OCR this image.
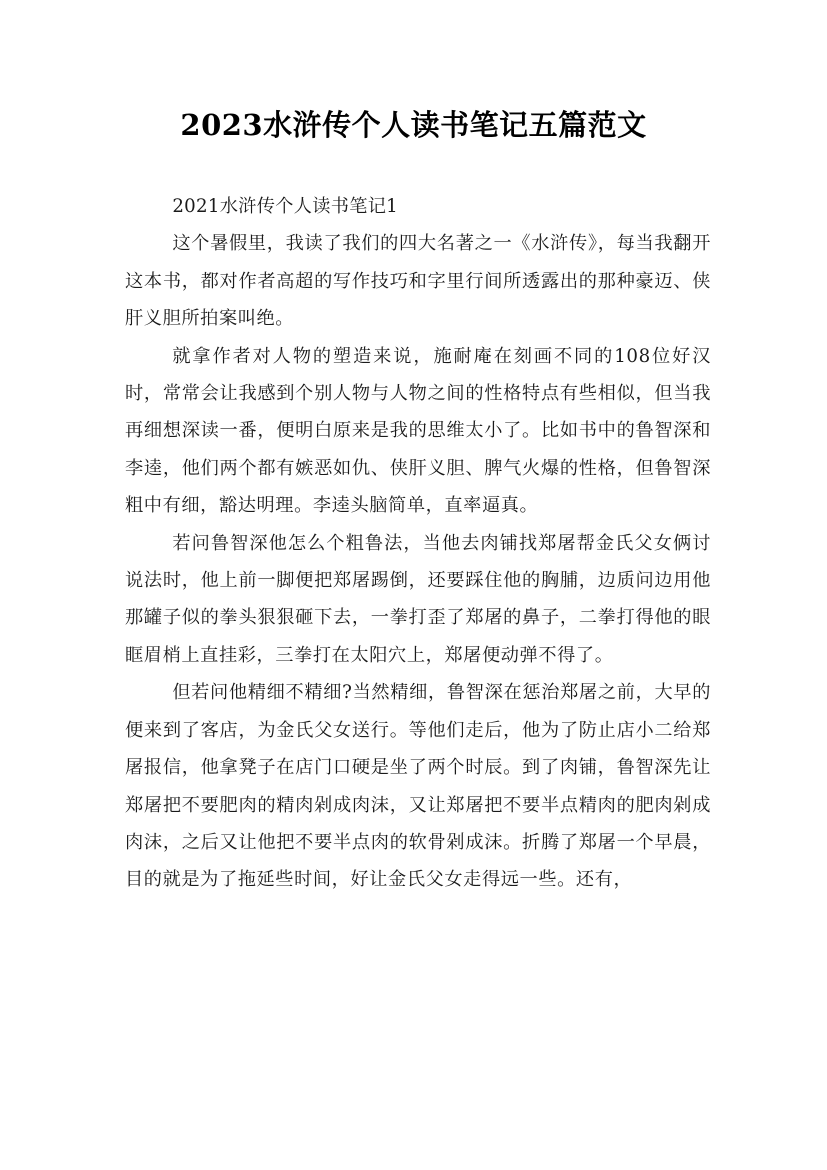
2023水浒传个人读书笔记五篇范文

2021水浒传个人读书笔记1

这个暑假里，我读了我们的四大名著之一《水浒传》，每当我翻开这本书，都对作者高超的写作技巧和字里行间所透露出的那种豪迈、侠肝义胆所拍案叫绝。

就拿作者对人物的塑造来说，施耐庵在刻画不同的108位好汉时，常常会让我感到个别人物与人物之间的性格特点有些相似，但当我再细想深读一番，便明白原来是我的思维太小了。比如书中的鲁智深和李逵，他们两个都有嫉恶如仇、侠肝义胆、脾气火爆的性格，但鲁智深粗中有细，豁达明理。李逵头脑简单，直率逼真。

若问鲁智深他怎么个粗鲁法，当他去肉铺找郑屠帮金氏父女俩讨说法时，他上前一脚便把郑屠踢倒，还要踩住他的胸脯，边质问边用他那罐子似的拳头狠狠砸下去，一拳打歪了郑屠的鼻子，二拳打得他的眼眶眉梢上直挂彩，三拳打在太阳穴上，郑屠便动弹不得了。

但若问他精细不精细?当然精细，鲁智深在惩治郑屠之前，大早的便来到了客店，为金氏父女送行。等他们走后，他为了防止店小二给郑屠报信，他拿凳子在店门口硬是坐了两个时辰。到了肉铺，鲁智深先让郑屠把不要肥肉的精肉剁成肉沫，又让郑屠把不要半点精肉的肥肉剁成肉沫，之后又让他把不要半点肉的软骨剁成沫。折腾了郑屠一个早晨，目的就是为了拖延些时间，好让金氏父女走得远一些。还有，
